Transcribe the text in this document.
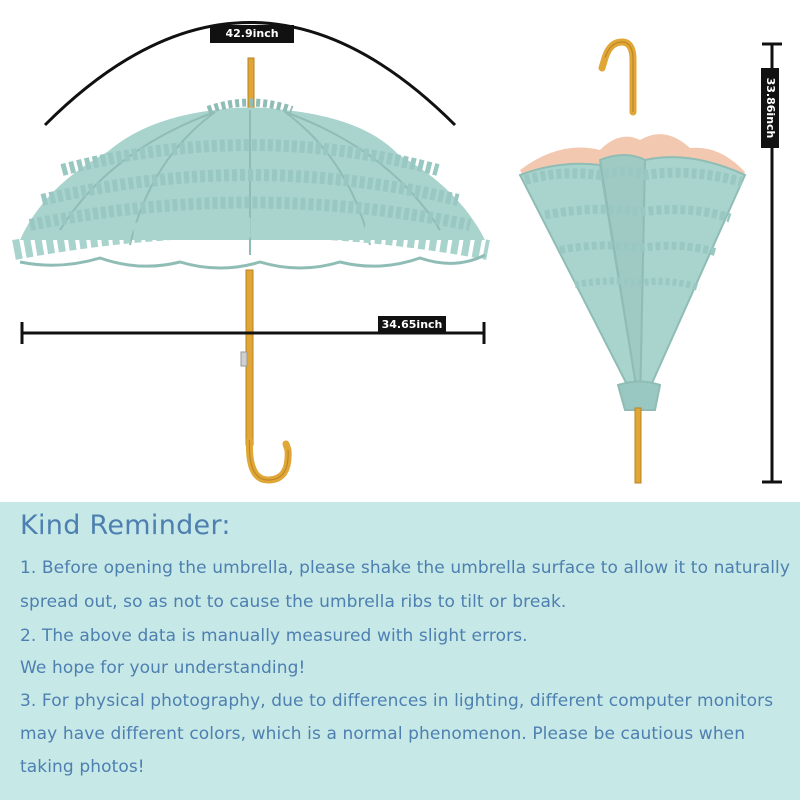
42.9inch
34.65inch
33.86inch
Kind Reminder:
1. Before opening the umbrella, please shake the umbrella surface to allow it to naturally
spread out, so as not to cause the umbrella ribs to tilt or break.
2. The above data is manually measured with slight errors.
We hope for your understanding!
3. For physical photography, due to differences in lighting, different computer monitors
may have different colors, which is a normal phenomenon. Please be cautious when
taking photos!
